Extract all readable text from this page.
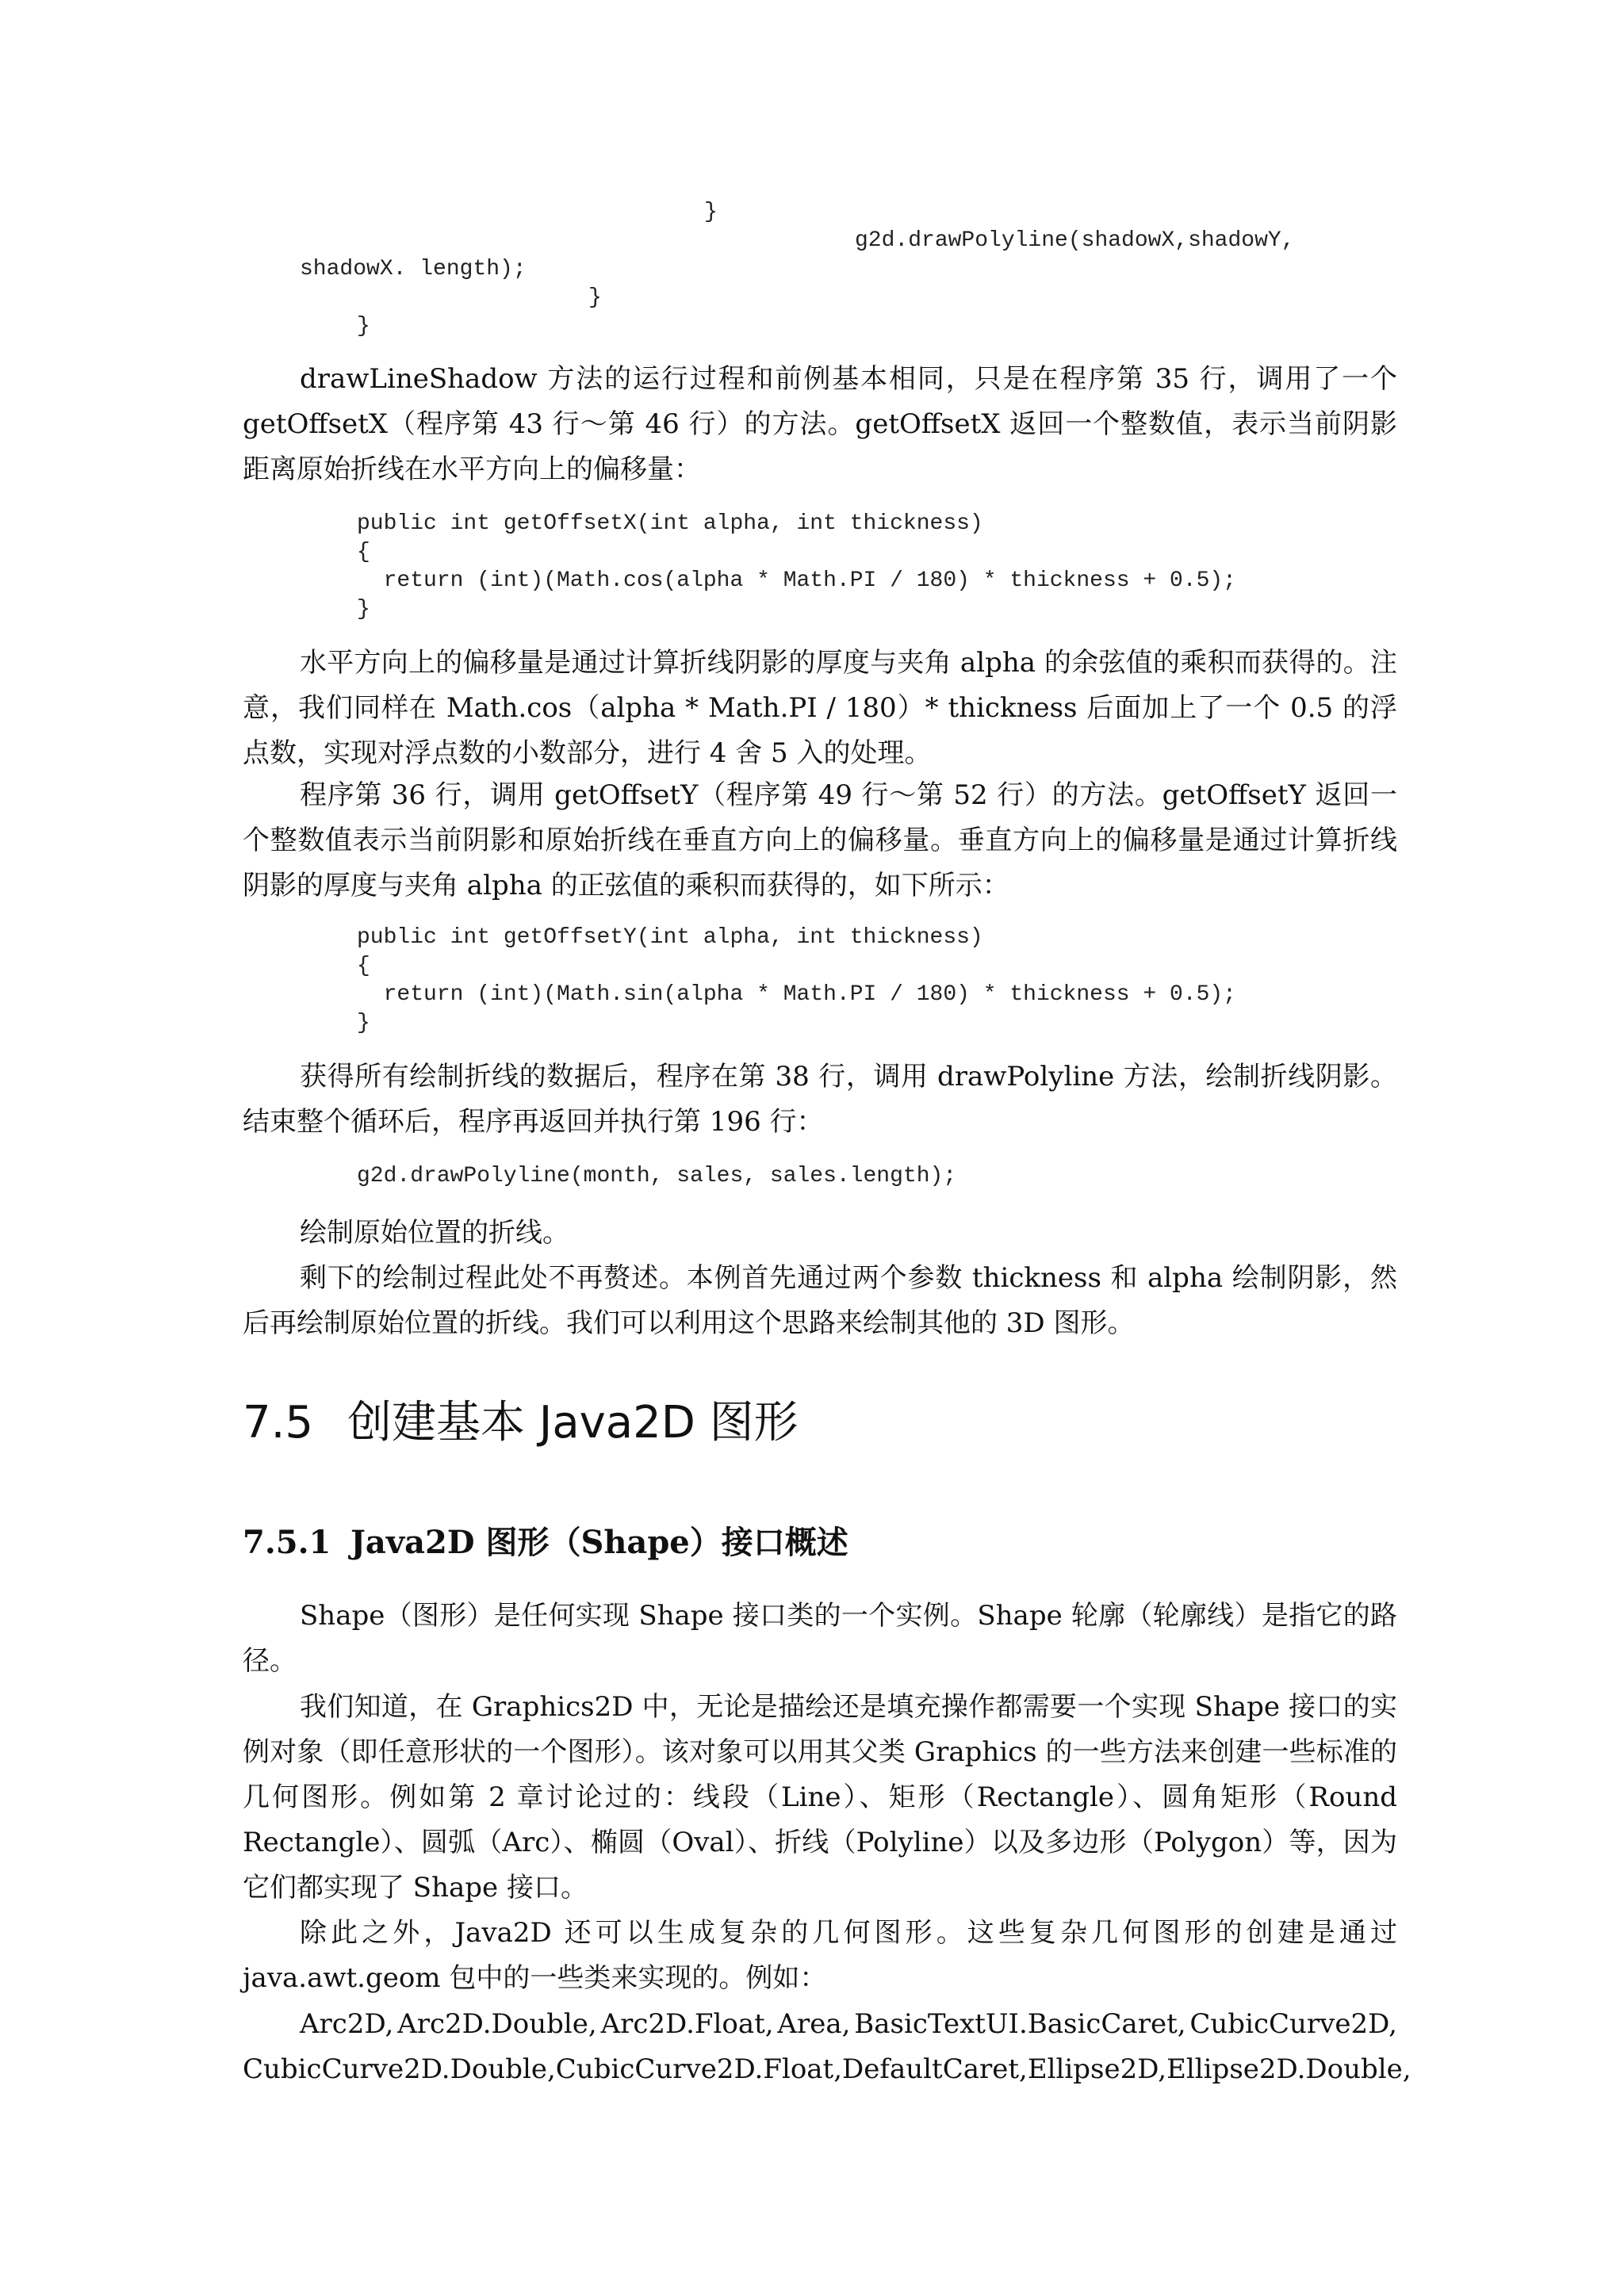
}
g2d.drawPolyline(shadowX,shadowY,
shadowX. length);
}
}
drawLineShadow 方法的运行过程和前例基本相同，只是在程序第 35 行，调用了一个 getOffsetX（程序第 43 行～第 46 行）的方法。getOffsetX 返回一个整数值，表示当前阴影距离原始折线在水平方向上的偏移量：
public int getOffsetX(int alpha, int thickness)
{
return (int)(Math.cos(alpha * Math.PI / 180) * thickness + 0.5);
}
水平方向上的偏移量是通过计算折线阴影的厚度与夹角 alpha 的余弦值的乘积而获得的。注意，我们同样在 Math.cos（alpha * Math.PI / 180）* thickness 后面加上了一个 0.5 的浮点数，实现对浮点数的小数部分，进行 4 舍 5 入的处理。
程序第 36 行，调用 getOffsetY（程序第 49 行～第 52 行）的方法。getOffsetY 返回一个整数值表示当前阴影和原始折线在垂直方向上的偏移量。垂直方向上的偏移量是通过计算折线阴影的厚度与夹角 alpha 的正弦值的乘积而获得的，如下所示：
public int getOffsetY(int alpha, int thickness)
{
return (int)(Math.sin(alpha * Math.PI / 180) * thickness + 0.5);
}
获得所有绘制折线的数据后，程序在第 38 行，调用 drawPolyline 方法，绘制折线阴影。结束整个循环后，程序再返回并执行第 196 行：
g2d.drawPolyline(month, sales, sales.length);
绘制原始位置的折线。
剩下的绘制过程此处不再赘述。本例首先通过两个参数 thickness 和 alpha 绘制阴影，然后再绘制原始位置的折线。我们可以利用这个思路来绘制其他的 3D 图形。
7.5 创建基本 Java2D 图形
7.5.1 Java2D 图形（Shape）接口概述
Shape（图形）是任何实现 Shape 接口类的一个实例。Shape 轮廓（轮廓线）是指它的路径。
我们知道，在 Graphics2D 中，无论是描绘还是填充操作都需要一个实现 Shape 接口的实例对象（即任意形状的一个图形）。该对象可以用其父类 Graphics 的一些方法来创建一些标准的几何图形。例如第 2 章讨论过的：线段（Line）、矩形（Rectangle）、圆角矩形（Round Rectangle）、圆弧（Arc）、椭圆（Oval）、折线（Polyline）以及多边形（Polygon）等，因为它们都实现了 Shape 接口。
除此之外，Java2D 还可以生成复杂的几何图形。这些复杂几何图形的创建是通过 java.awt.geom 包中的一些类来实现的。例如：
Arc2D, Arc2D.Double, Arc2D.Float, Area, BasicTextUI.BasicCaret, CubicCurve2D,
CubicCurve2D.Double, CubicCurve2D.Float, DefaultCaret, Ellipse2D, Ellipse2D.Double,
